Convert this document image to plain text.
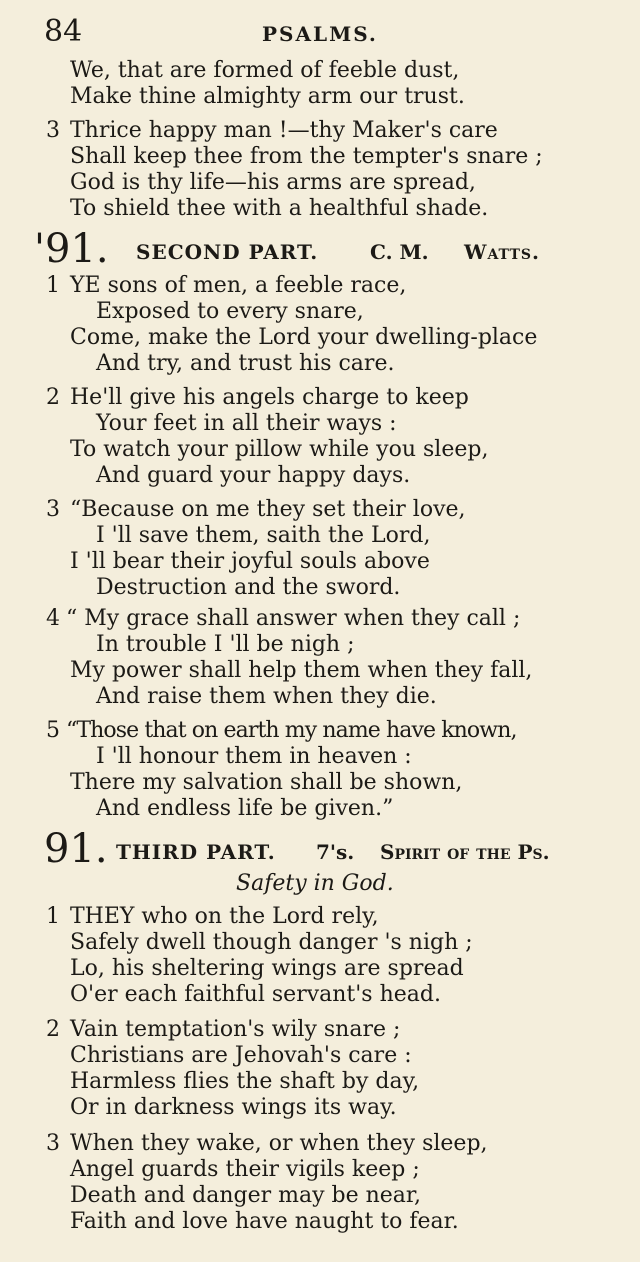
84	PSALMS.
We, that are formed of feeble dust,
Make thine almighty arm our trust.
3 Thrice happy man !—thy Maker's care
Shall keep thee from the tempter's snare ;
God is thy life—his arms are spread,
To shield thee with a healthful shade.
'91. SECOND PART.	C. M. Watts.
1 YE sons of men, a feeble race,
Exposed to every snare,
Come, make the Lord your dwelling-place
And try, and trust his care.
2 He'll give his angels charge to keep
Your feet in all their ways :
To watch your pillow while you sleep,
And guard your happy days.
3 “Because on me they set their love,
I 'll save them, saith the Lord,
I 'll bear their joyful souls above
Destruction and the sword.
4 “ My grace shall answer when they call ;
In trouble I 'll be nigh ;
My power shall help them when they fall,
And raise them when they die.
5 “Those that on earth my name have known,
I 'll honour them in heaven :
There my salvation shall be shown,
And endless life be given.”
91. THIRD PART. 7's. Spirit of the Ps.
Safety in God.
1 THEY who on the Lord rely,
Safely dwell though danger 's nigh ;
Lo, his sheltering wings are spread
O'er each faithful servant's head.
2 Vain temptation's wily snare ;
Christians are Jehovah's care :
Harmless flies the shaft by day,
Or in darkness wings its way.
3 When they wake, or when they sleep,
Angel guards their vigils keep ;
Death and danger may be near,
Faith and love have naught to fear.
